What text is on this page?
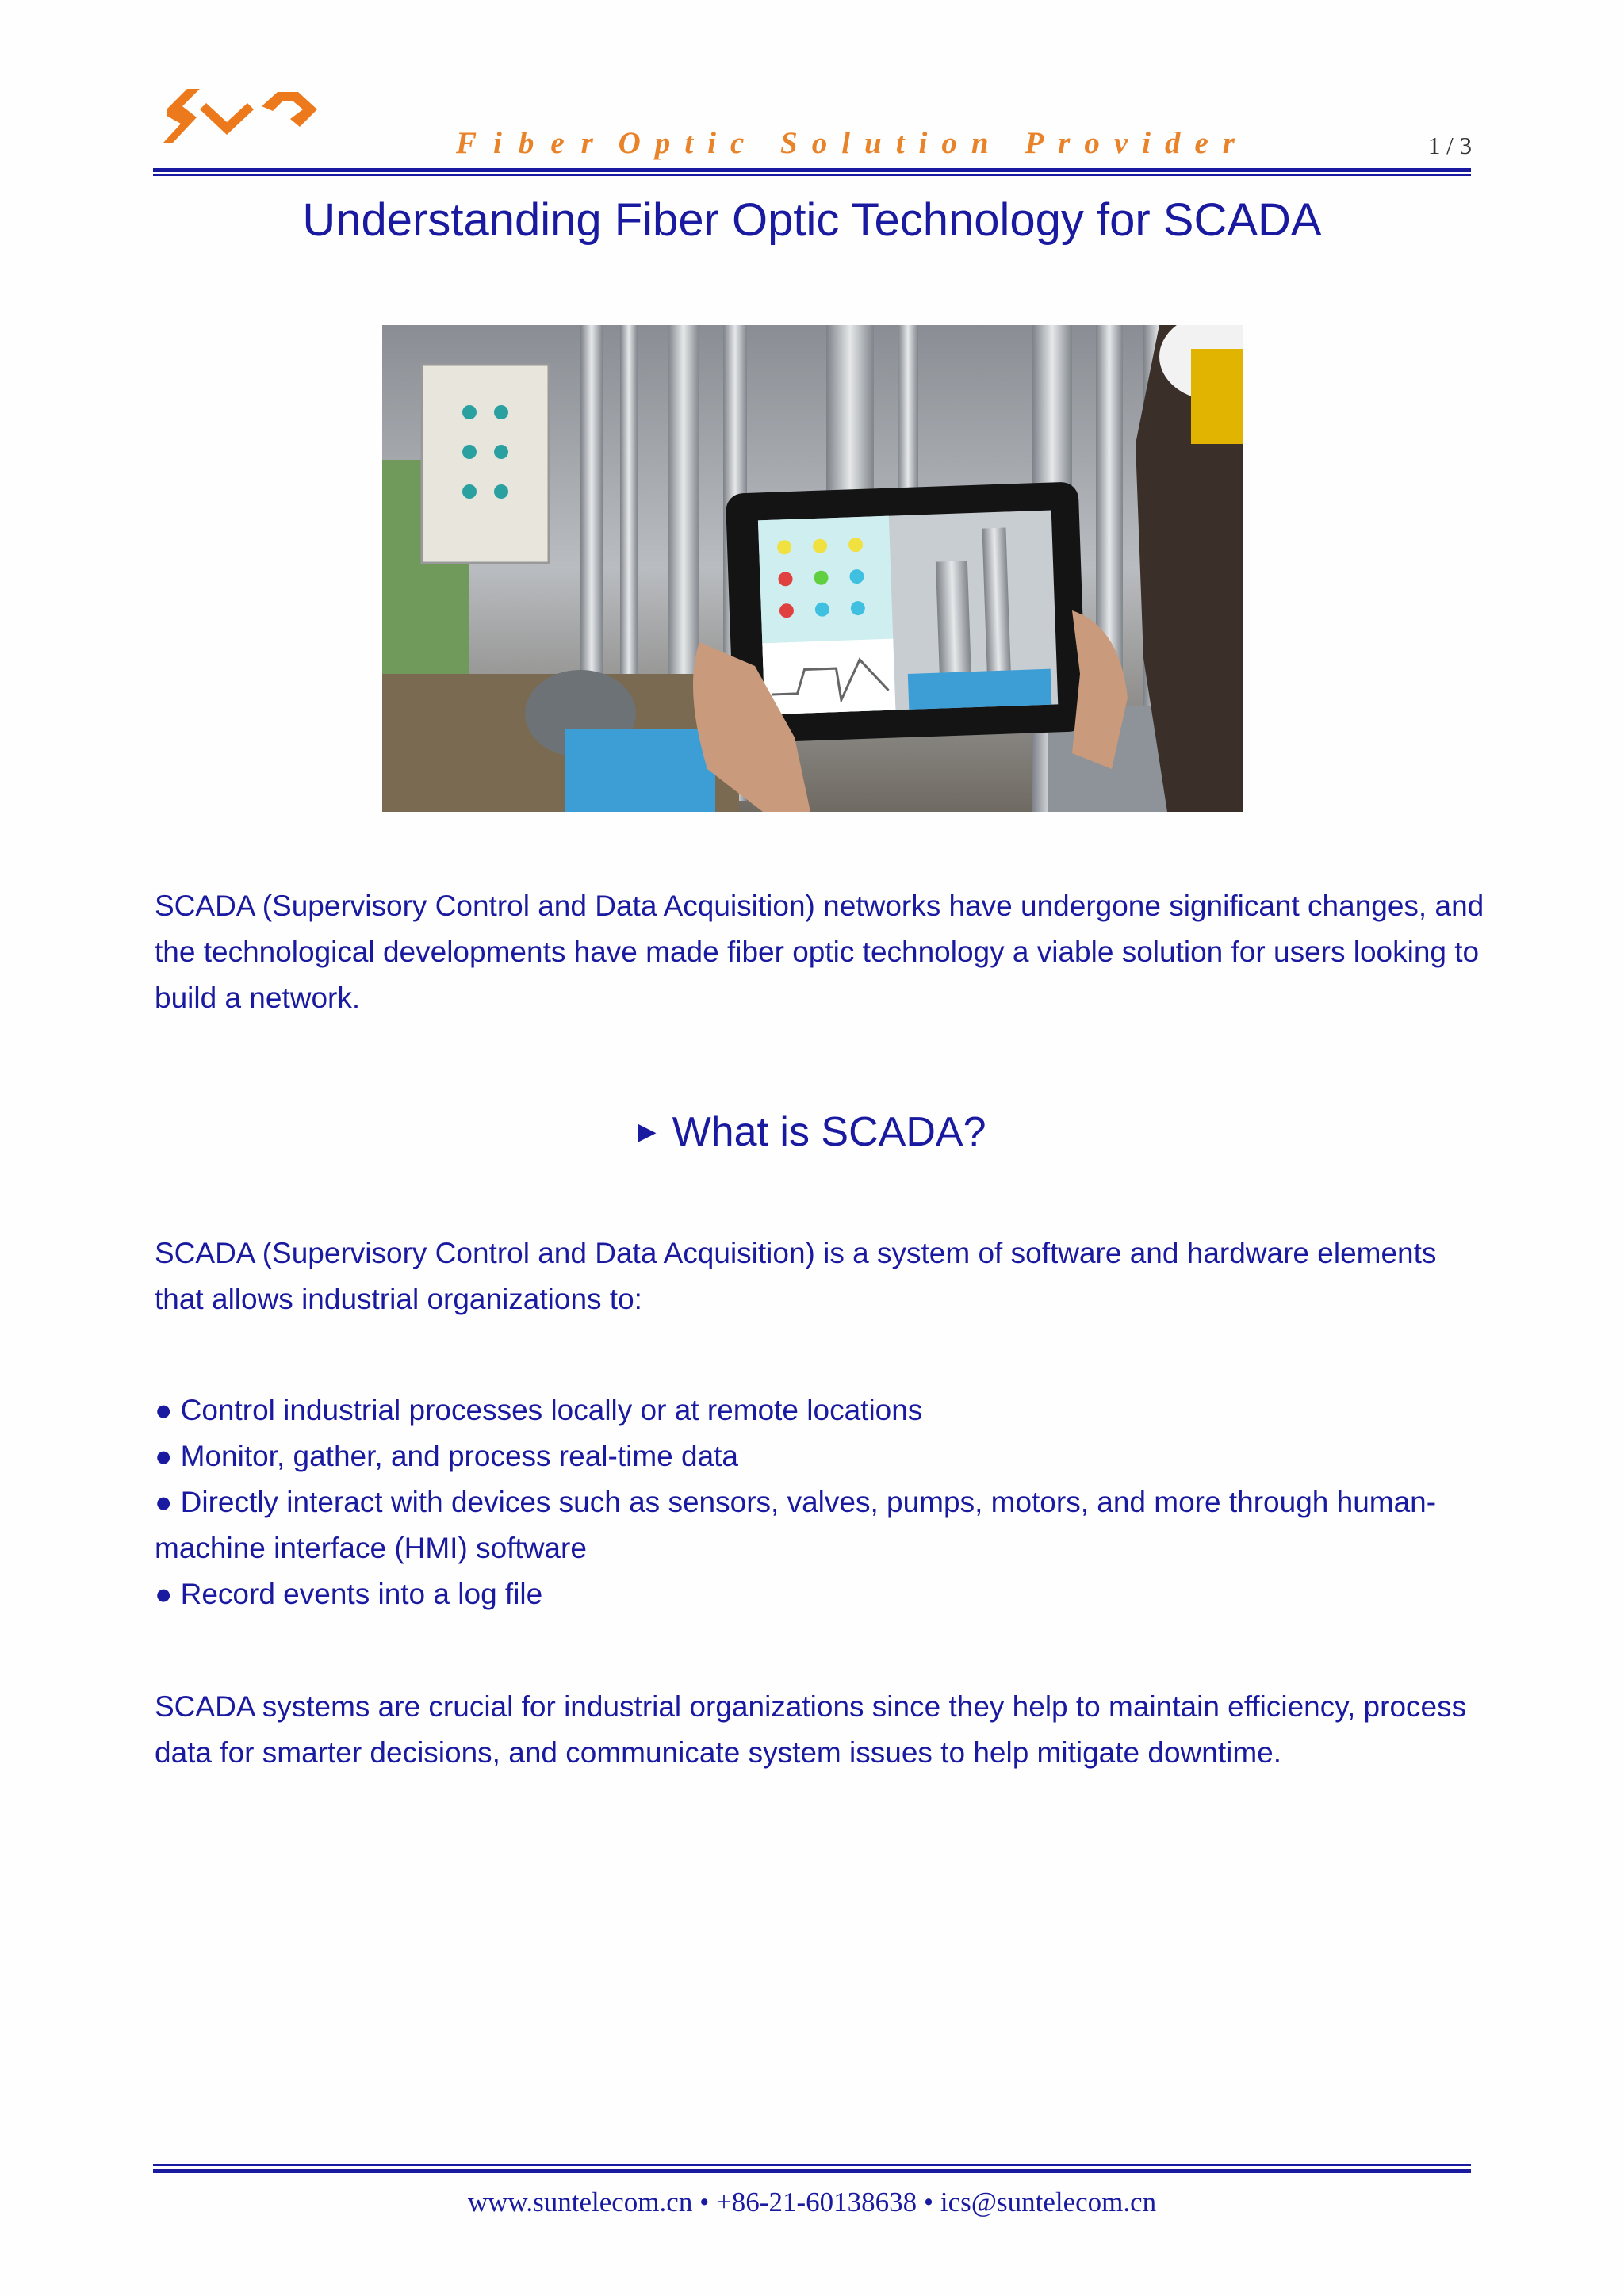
Fiber Optic Solution Provider	1 / 3
Understanding Fiber Optic Technology for SCADA

SCADA (Supervisory Control and Data Acquisition) networks have undergone significant changes, and the technological developments have made fiber optic technology a viable solution for users looking to build a network.

▶ What is SCADA?

SCADA (Supervisory Control and Data Acquisition) is a system of software and hardware elements that allows industrial organizations to:

● Control industrial processes locally or at remote locations
● Monitor, gather, and process real-time data
● Directly interact with devices such as sensors, valves, pumps, motors, and more through human-machine interface (HMI) software
● Record events into a log file

SCADA systems are crucial for industrial organizations since they help to maintain efficiency, process data for smarter decisions, and communicate system issues to help mitigate downtime.

www.suntelecom.cn • +86-21-60138638 • ics@suntelecom.cn
